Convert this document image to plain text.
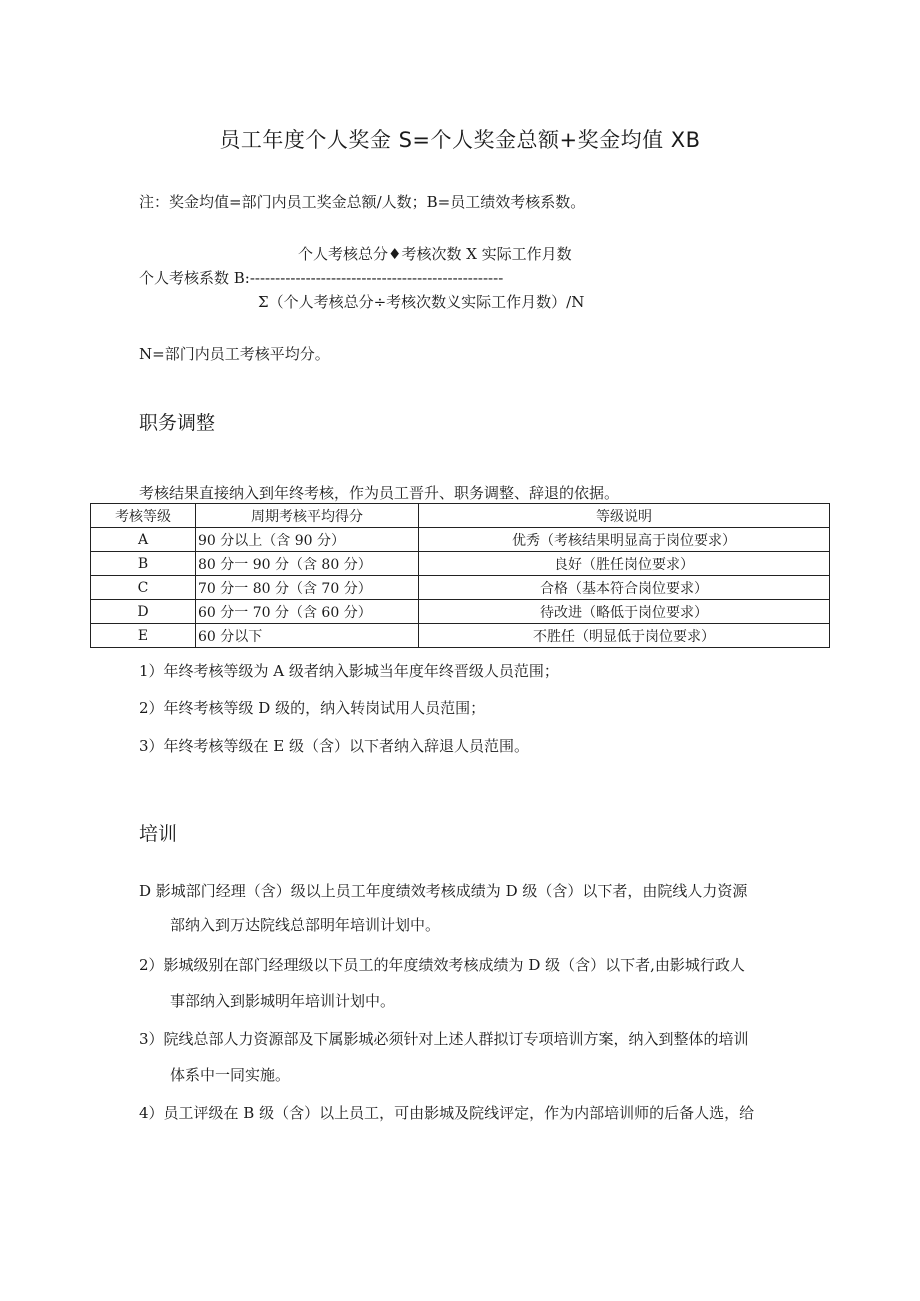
员工年度个人奖金 S=个人奖金总额+奖金均值 XB
注：奖金均值=部门内员工奖金总额/人数；B=员工绩效考核系数。
个人考核总分♦考核次数 X 实际工作月数
个人考核系数 B:--------------------------------------------------
Σ（个人考核总分÷考核次数义实际工作月数）/N
N=部门内员工考核平均分。
职务调整
考核结果直接纳入到年终考核，作为员工晋升、职务调整、辞退的依据。
考核等级	周期考核平均得分	等级说明
A	90 分以上（含 90 分）	优秀（考核结果明显高于岗位要求）
B	80 分一 90 分（含 80 分）	良好（胜任岗位要求）
C	70 分一 80 分（含 70 分）	合格（基本符合岗位要求）
D	60 分一 70 分（含 60 分）	待改进（略低于岗位要求）
E	60 分以下	不胜任（明显低于岗位要求）
1）年终考核等级为 A 级者纳入影城当年度年终晋级人员范围；
2）年终考核等级 D 级的，纳入转岗试用人员范围；
3）年终考核等级在 E 级（含）以下者纳入辞退人员范围。
培训
D 影城部门经理（含）级以上员工年度绩效考核成绩为 D 级（含）以下者，由院线人力资源
部纳入到万达院线总部明年培训计划中。
2）影城级别在部门经理级以下员工的年度绩效考核成绩为 D 级（含）以下者,由影城行政人
事部纳入到影城明年培训计划中。
3）院线总部人力资源部及下属影城必须针对上述人群拟订专项培训方案，纳入到整体的培训
体系中一同实施。
4）员工评级在 B 级（含）以上员工，可由影城及院线评定，作为内部培训师的后备人选，给
